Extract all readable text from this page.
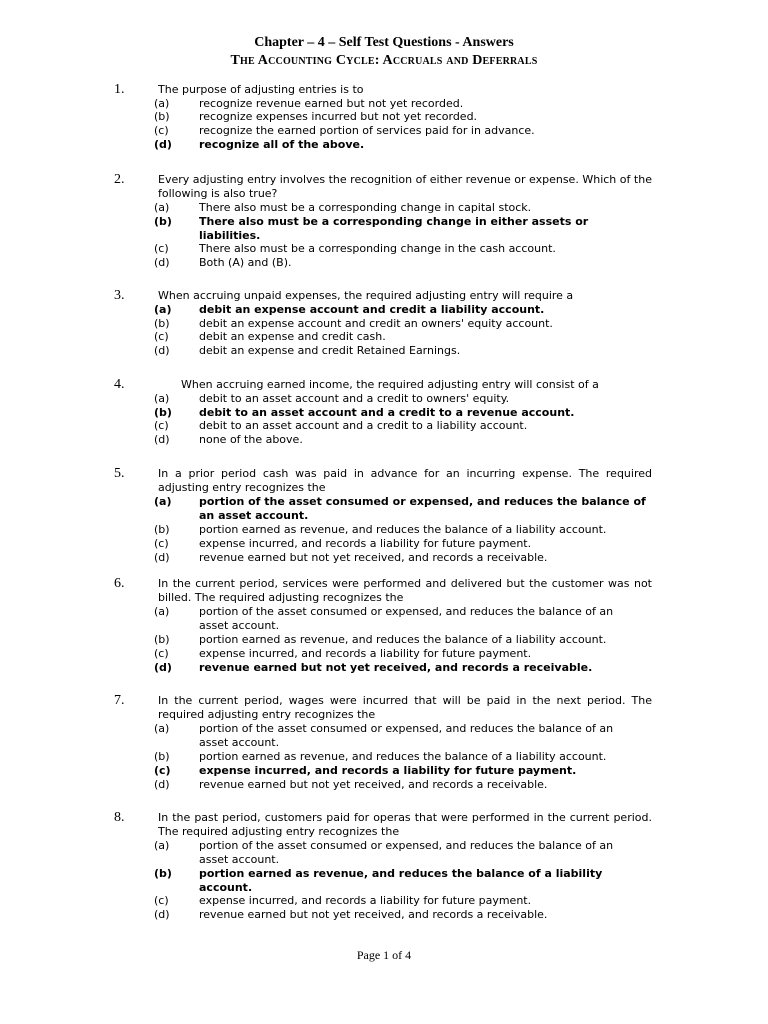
Chapter – 4 – Self Test Questions - Answers
The Accounting Cycle: Accruals and Deferrals
1.	The purpose of adjusting entries is to
(a)	recognize revenue earned but not yet recorded.
(b)	recognize expenses incurred but not yet recorded.
(c)	recognize the earned portion of services paid for in advance.
(d) recognize all of the above.
2.	Every adjusting entry involves the recognition of either revenue or expense. Which of the following is also true?
(a)	There also must be a corresponding change in capital stock.
(b) There also must be a corresponding change in either assets or liabilities.
(c)	There also must be a corresponding change in the cash account.
(d)	Both (A) and (B).
3.	When accruing unpaid expenses, the required adjusting entry will require a
(a)	debit an expense account and credit a liability account.
(b)	debit an expense account and credit an owners' equity account.
(c)	debit an expense and credit cash.
(d)	debit an expense and credit Retained Earnings.
4.	When accruing earned income, the required adjusting entry will consist of a
(a)	debit to an asset account and a credit to owners' equity.
(b) debit to an asset account and a credit to a revenue account.
(c)	debit to an asset account and a credit to a liability account.
(d)	none of the above.
5.	In a prior period cash was paid in advance for an incurring expense. The required adjusting entry recognizes the
(a)	portion of the asset consumed or expensed, and reduces the balance of an asset account.
(b)	portion earned as revenue, and reduces the balance of a liability account.
(c)	expense incurred, and records a liability for future payment.
(d)	revenue earned but not yet received, and records a receivable.
6.	In the current period, services were performed and delivered but the customer was not billed. The required adjusting recognizes the
(a)	portion of the asset consumed or expensed, and reduces the balance of an asset account.
(b)	portion earned as revenue, and reduces the balance of a liability account.
(c)	expense incurred, and records a liability for future payment.
(d) revenue earned but not yet received, and records a receivable.
7.	In the current period, wages were incurred that will be paid in the next period. The required adjusting entry recognizes the
(a)	portion of the asset consumed or expensed, and reduces the balance of an asset account.
(b)	portion earned as revenue, and reduces the balance of a liability account.
(c)	expense incurred, and records a liability for future payment.
(d)	revenue earned but not yet received, and records a receivable.
8.	In the past period, customers paid for operas that were performed in the current period. The required adjusting entry recognizes the
(a)	portion of the asset consumed or expensed, and reduces the balance of an asset account.
(b) portion earned as revenue, and reduces the balance of a liability account.
(c)	expense incurred, and records a liability for future payment.
(d)	revenue earned but not yet received, and records a receivable.
Page 1 of 4
